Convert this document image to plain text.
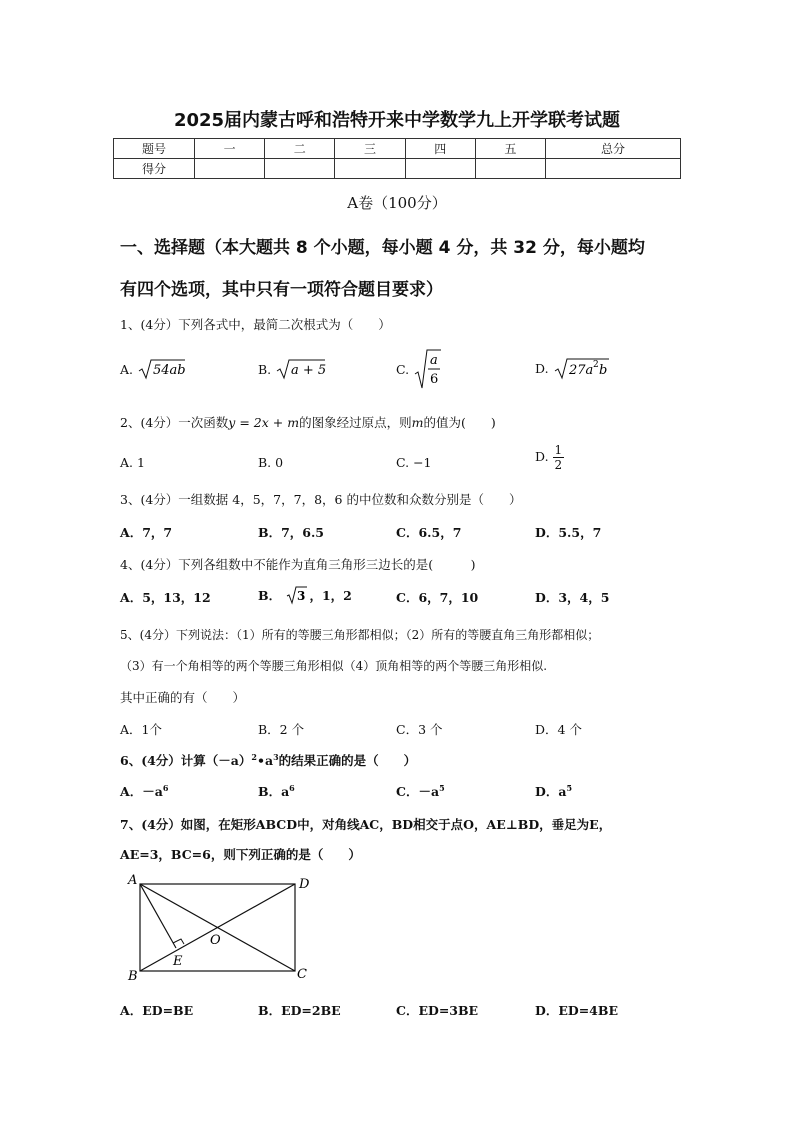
2025届内蒙古呼和浩特开来中学数学九上开学联考试题
题号	一	二	三	四	五	总分
得分						
A卷（100分）
一、选择题（本大题共 8 个小题，每小题 4 分，共 32 分，每小题均
有四个选项，其中只有一项符合题目要求）
1、(4分）下列各式中，最简二次根式为（　　）
A. 54ab	B. a + 5	C.
a
6
D. 27a 2 b
2、(4分）一次函数y = 2x + m的图象经过原点，则m的值为(　　)
A. 1	B. 0	C. −1	D. $\frac{1}{2}$
3、(4分）一组数据 4，5，7，7，8，6 的中位数和众数分别是（　　）
A．7，7	B．7，6.5	C．6.5，7	D．5.5，7
4、(4分）下列各组数中不能作为直角三角形三边长的是(　　　)
A．5，13，12	B． 3 ，1，2	C．6，7，10	D．3，4，5
5、(4分）下列说法：（1）所有的等腰三角形都相似；（2）所有的等腰直角三角形都相似；
（3）有一个角相等的两个等腰三角形相似（4）顶角相等的两个等腰三角形相似.
其中正确的有（　　）
A．1个	B．2 个	C．3 个	D．4 个
6、(4分）计算$(-a)^2•a^3$的结果正确的是（　　）
A．$-a^6$	B．$a^6$	C．$-a^5$	D．$a^5$
7、(4分）如图，在矩形ABCD中，对角线AC，BD相交于点O，AE⊥BD，垂足为E，
AE=3，BC=6，则下列正确的是（　　）
A	D
O
E
B	C
A．ED=BE	B．ED=2BE	C．ED=3BE	D．ED=4BE
